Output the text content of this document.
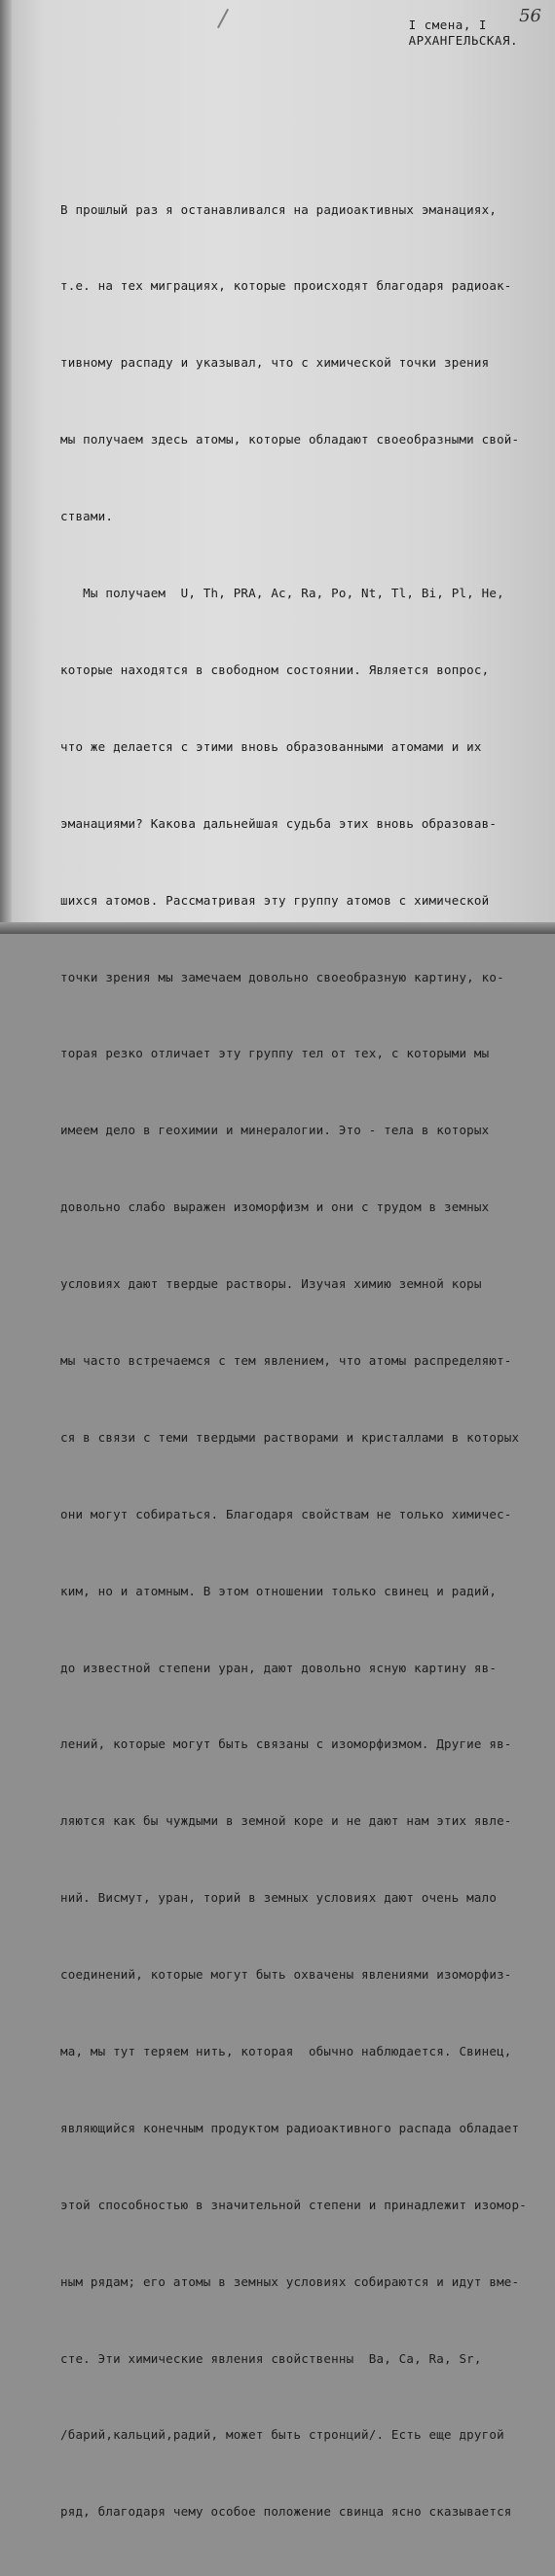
56
I смена, I
АРХАНГЕЛЬСКАЯ.

В прошлый раз я останавливался на радиоактивных эманациях,

т.е. на тех миграциях, которые происходят благодаря радиоак-

тивному распаду и указывал, что с химической точки зрения

мы получаем здесь атомы, которые обладают своеобразными свой-

ствами.

Мы получаем  U, Th, PRA, Ac, Ra, Po, Nt, Tl, Bi, Pl, He,

которые находятся в свободном состоянии. Является вопрос,

что же делается с этими вновь образованными атомами и их

эманациями? Какова дальнейшая судьба этих вновь образовав-

шихся атомов. Рассматривая эту группу атомов с химической

точки зрения мы замечаем довольно своеобразную картину, ко-

торая резко отличает эту группу тел от тех, с которыми мы

имеем дело в геохимии и минералогии. Это - тела в которых

довольно слабо выражен изоморфизм и они с трудом в земных

условиях дают твердые растворы. Изучая химию земной коры

мы часто встречаемся с тем явлением, что атомы распределяют-

ся в связи с теми твердыми растворами и кристаллами в которых

они могут собираться. Благодаря свойствам не только химичес-

ким, но и атомным. В этом отношении только свинец и радий,

до известной степени уран, дают довольно ясную картину яв-

лений, которые могут быть связаны с изоморфизмом. Другие яв-

ляются как бы чуждыми в земной коре и не дают нам этих явле-

ний. Висмут, уран, торий в земных условиях дают очень мало

соединений, которые могут быть охвачены явлениями изоморфиз-

ма, мы тут теряем нить, которая  обычно наблюдается. Свинец,

являющийся конечным продуктом радиоактивного распада обладает

этой способностью в значительной степени и принадлежит изомор-

ным рядам; его атомы в земных условиях собираются и идут вме-

сте. Эти химические явления свойственны  Ba, Ca, Ra, Sr,

/барий,кальций,радий, может быть стронций/. Есть еще другой

ряд, благодаря чему особое положение свинца ясно сказывается
